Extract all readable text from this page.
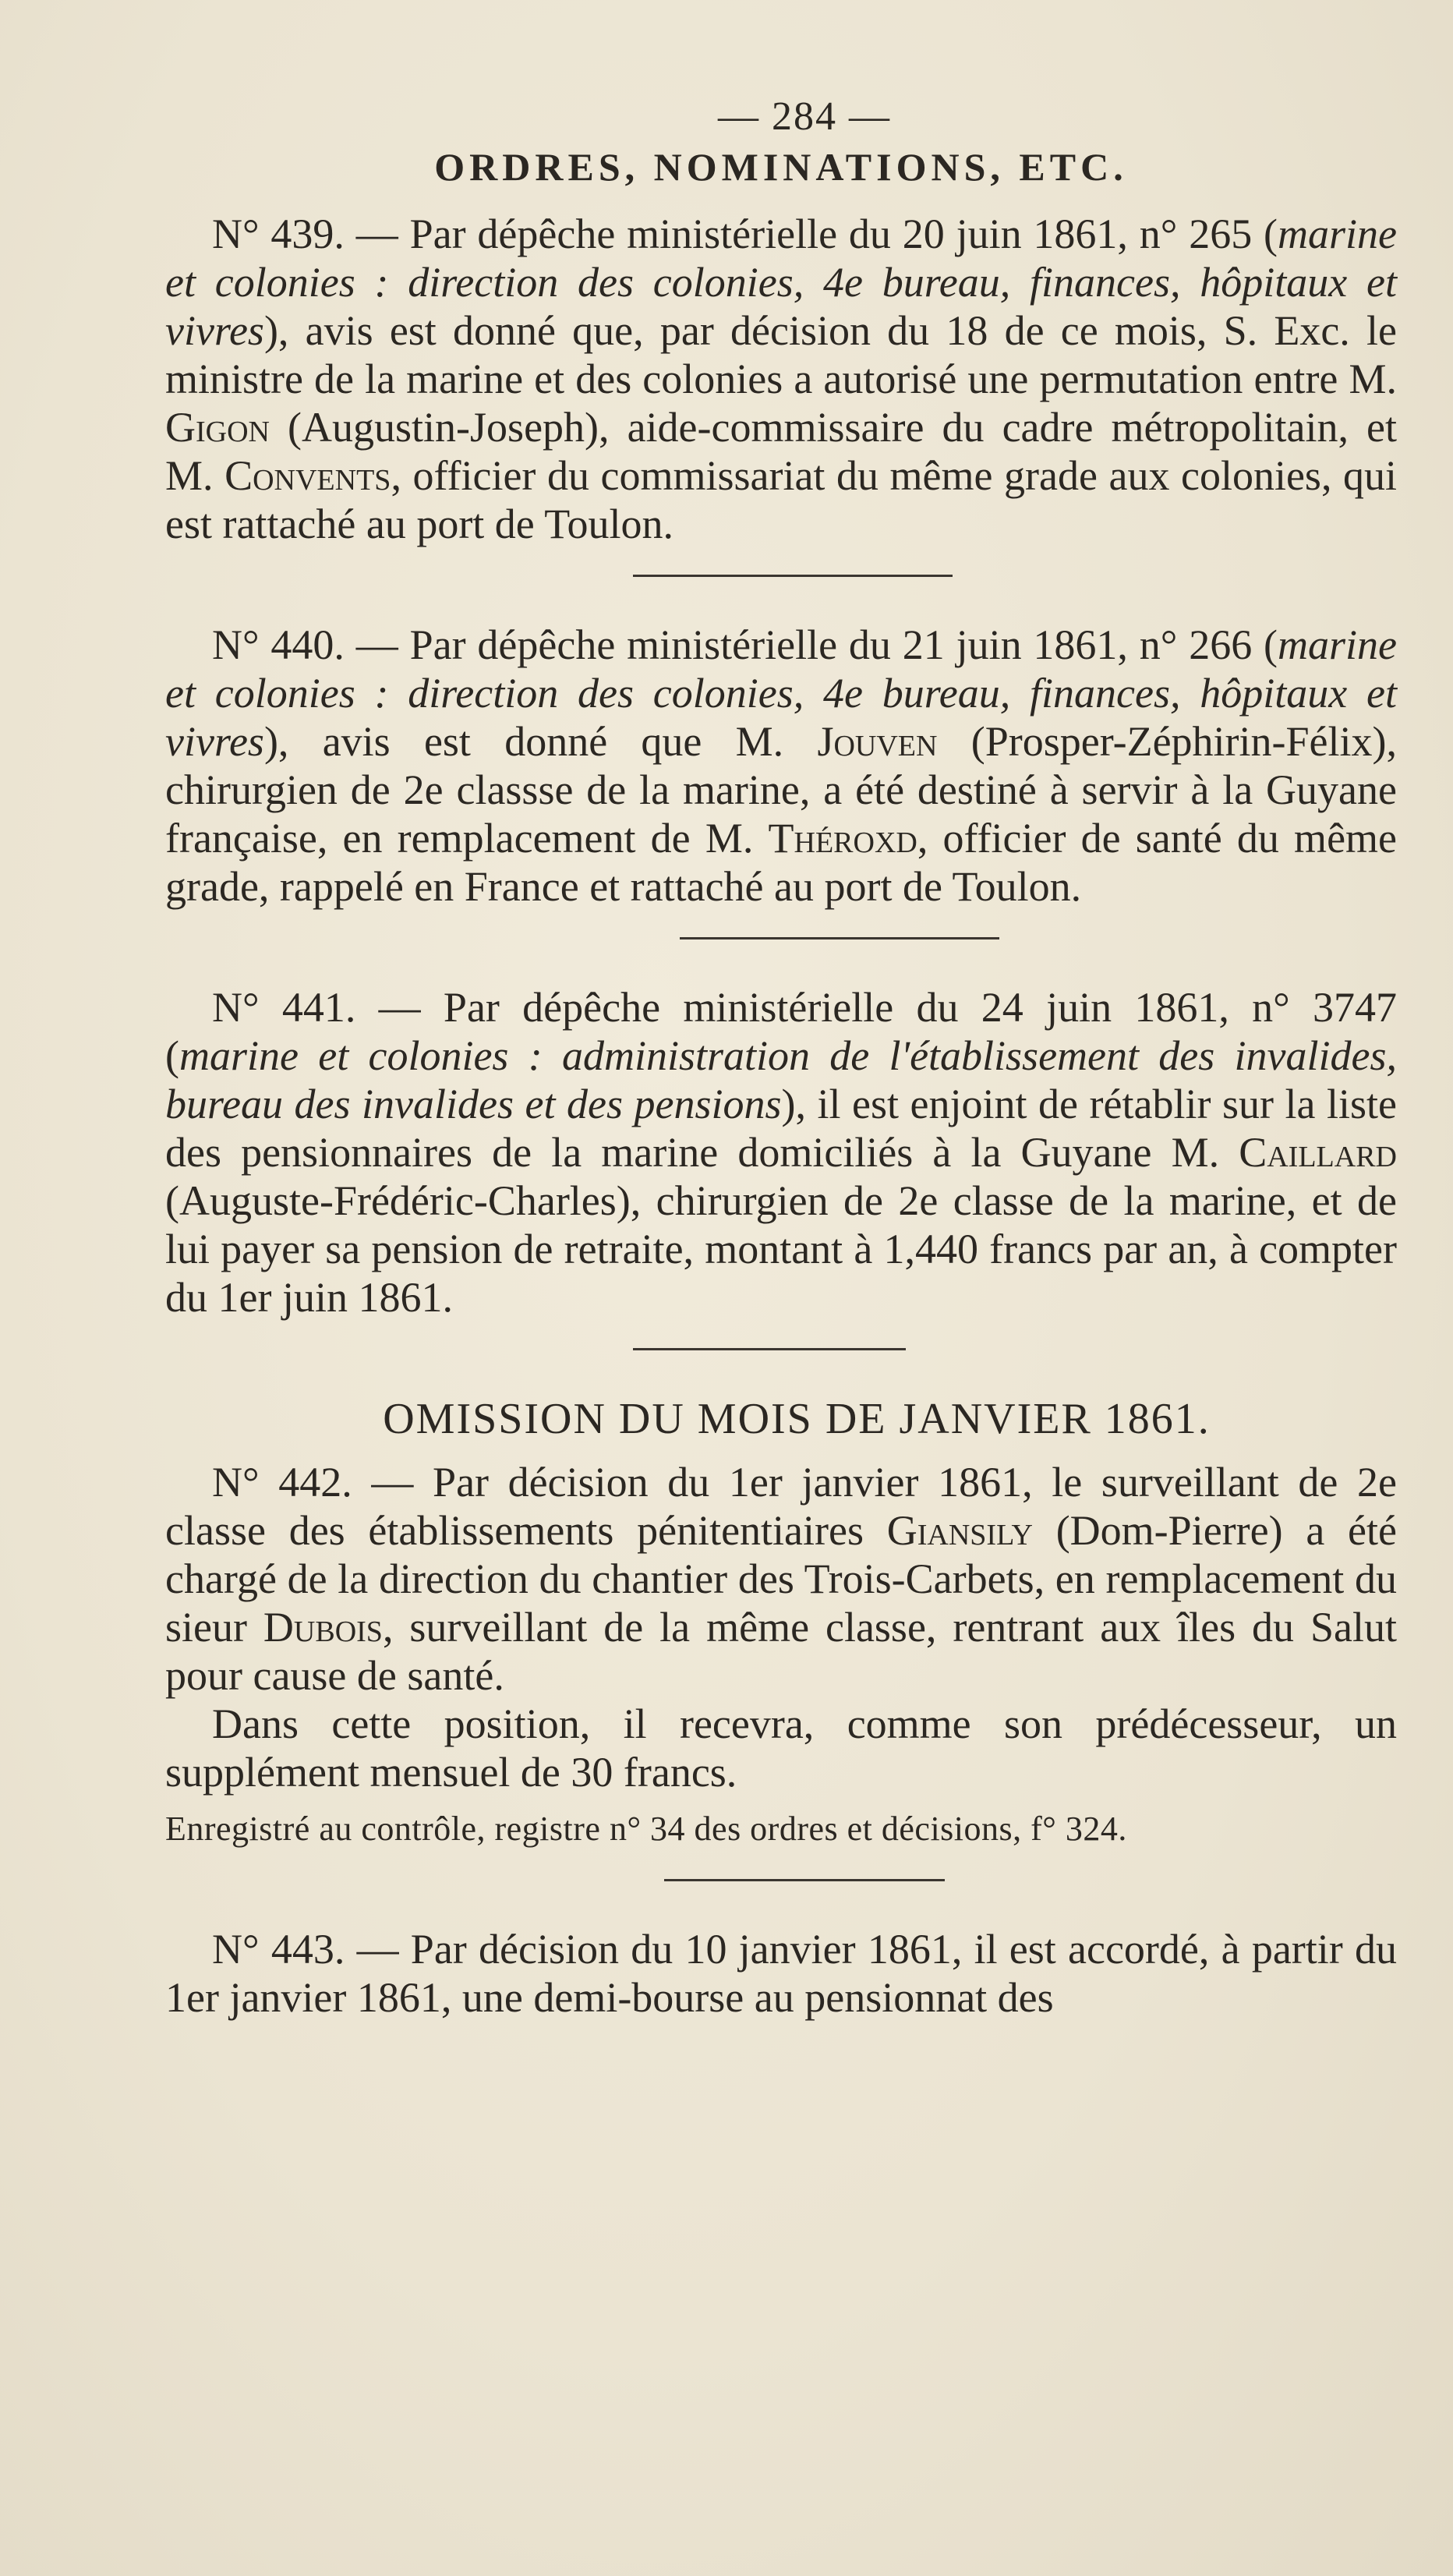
— 284 —
ORDRES, NOMINATIONS, ETC.

N° 439. — Par dépêche ministérielle du 20 juin 1861, n° 265 (marine et colonies : direction des colonies, 4e bureau, finances, hôpitaux et vivres), avis est donné que, par décision du 18 de ce mois, S. Exc. le ministre de la marine et des colonies a autorisé une permutation entre M. Gigon (Augustin-Joseph), aide-commissaire du cadre métropolitain, et M. Convents, officier du commissariat du même grade aux colonies, qui est rattaché au port de Toulon.

N° 440. — Par dépêche ministérielle du 21 juin 1861, n° 266 (marine et colonies : direction des colonies, 4e bureau, finances, hôpitaux et vivres), avis est donné que M. Jouven (Prosper-Zéphirin-Félix), chirurgien de 2e classse de la marine, a été destiné à servir à la Guyane française, en remplacement de M. Théroxd, officier de santé du même grade, rappelé en France et rattaché au port de Toulon.

N° 441. — Par dépêche ministérielle du 24 juin 1861, n° 3747 (marine et colonies : administration de l'établissement des invalides, bureau des invalides et des pensions), il est enjoint de rétablir sur la liste des pensionnaires de la marine domiciliés à la Guyane M. Caillard (Auguste-Frédéric-Charles), chirurgien de 2e classe de la marine, et de lui payer sa pension de retraite, montant à 1,440 francs par an, à compter du 1er juin 1861.

OMISSION DU MOIS DE JANVIER 1861.

N° 442. — Par décision du 1er janvier 1861, le surveillant de 2e classe des établissements pénitentiaires Giansily (Dom-Pierre) a été chargé de la direction du chantier des Trois-Carbets, en remplacement du sieur Dubois, surveillant de la même classe, rentrant aux îles du Salut pour cause de santé.

Dans cette position, il recevra, comme son prédécesseur, un supplément mensuel de 30 francs.

Enregistré au contrôle, registre n° 34 des ordres et décisions, f° 324.

N° 443. — Par décision du 10 janvier 1861, il est accordé, à partir du 1er janvier 1861, une demi-bourse au pensionnat des
